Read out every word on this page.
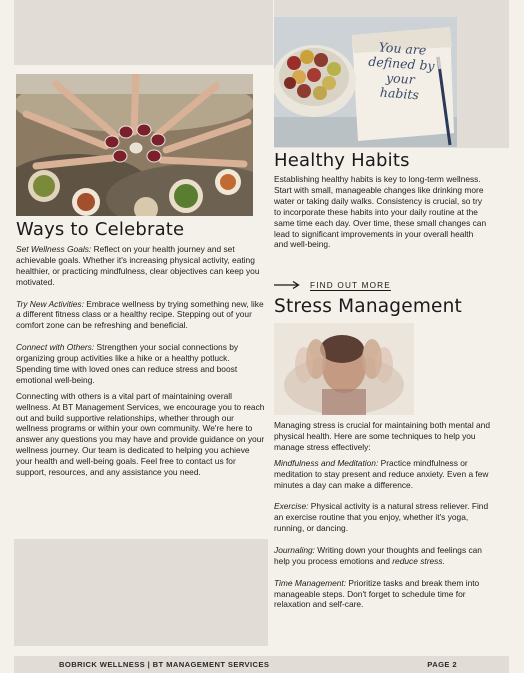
You are defined by your habits
Ways to Celebrate

Set Wellness Goals: Reflect on your health journey and set achievable goals. Whether it's increasing physical activity, eating healthier, or practicing mindfulness, clear objectives can keep you motivated.

Try New Activities: Embrace wellness by trying something new, like a different fitness class or a healthy recipe. Stepping out of your comfort zone can be refreshing and beneficial.

Connect with Others: Strengthen your social connections by organizing group activities like a hike or a healthy potluck. Spending time with loved ones can reduce stress and boost emotional well-being.

Connecting with others is a vital part of maintaining overall wellness. At BT Management Services, we encourage you to reach out and build supportive relationships, whether through our wellness programs or within your own community. We're here to answer any questions you may have and provide guidance on your wellness journey. Our team is dedicated to helping you achieve your health and well-being goals. Feel free to contact us for support, resources, and any assistance you need.

Healthy Habits
Establishing healthy habits is key to long-term wellness. Start with small, manageable changes like drinking more water or taking daily walks. Consistency is crucial, so try to incorporate these habits into your daily routine at the same time each day. Over time, these small changes can lead to significant improvements in your overall health and well-being.
FIND OUT MORE
Stress Management

Managing stress is crucial for maintaining both mental and physical health. Here are some techniques to help you manage stress effectively:

Mindfulness and Meditation: Practice mindfulness or meditation to stay present and reduce anxiety. Even a few minutes a day can make a difference.

Exercise: Physical activity is a natural stress reliever. Find an exercise routine that you enjoy, whether it's yoga, running, or dancing.

Journaling: Writing down your thoughts and feelings can help you process emotions and reduce stress.

Time Management: Prioritize tasks and break them into manageable steps. Don't forget to schedule time for relaxation and self-care.

BOBRICK WELLNESS | BT MANAGEMENT SERVICES	PAGE 2
